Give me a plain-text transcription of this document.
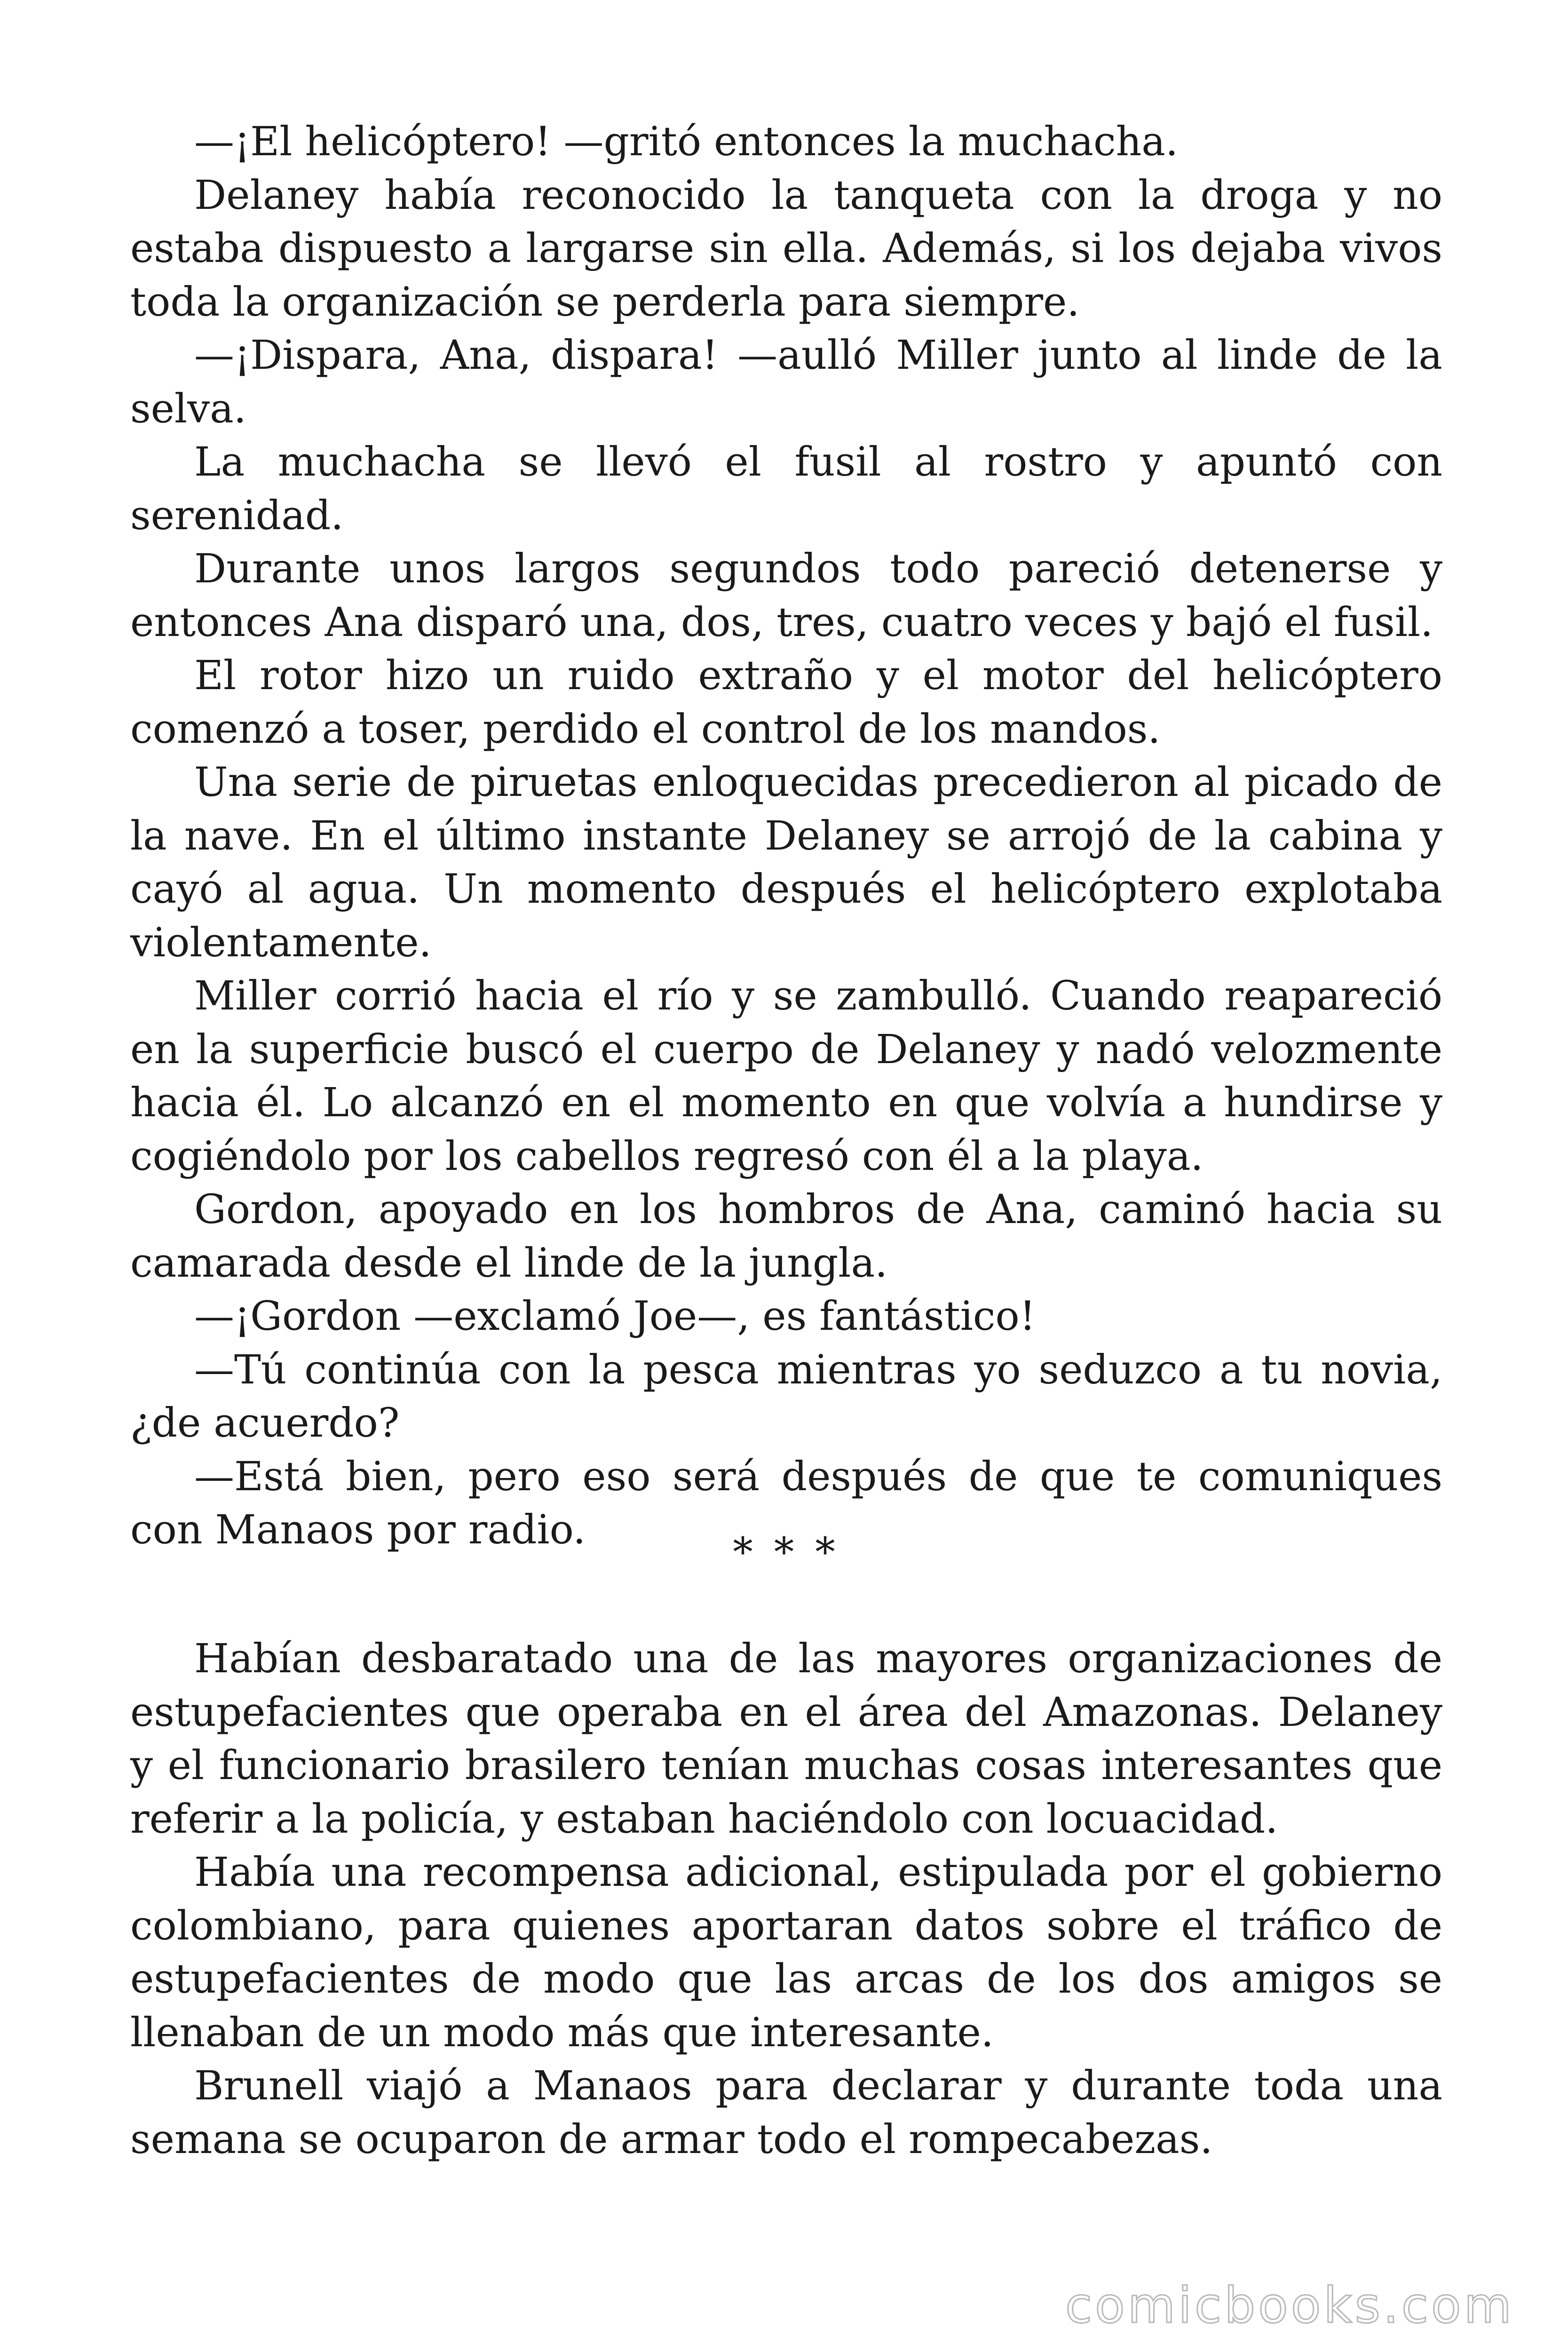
—¡El helicóptero! —gritó entonces la muchacha.

Delaney había reconocido la tanqueta con la droga y no estaba dispuesto a largarse sin ella. Además, si los dejaba vivos toda la organización se perderla para siempre.

—¡Dispara, Ana, dispara! —aulló Miller junto al linde de la selva.

La muchacha se llevó el fusil al rostro y apuntó con serenidad.

Durante unos largos segundos todo pareció detenerse y entonces Ana disparó una, dos, tres, cuatro veces y bajó el fusil.

El rotor hizo un ruido extraño y el motor del helicóptero comenzó a toser, perdido el control de los mandos.

Una serie de piruetas enloquecidas precedieron al picado de la nave. En el último instante Delaney se arrojó de la cabina y cayó al agua. Un momento después el helicóptero explotaba violentamente.

Miller corrió hacia el río y se zambulló. Cuando reapareció en la superficie buscó el cuerpo de Delaney y nadó velozmente hacia él. Lo alcanzó en el momento en que volvía a hundirse y cogiéndolo por los cabellos regresó con él a la playa.

Gordon, apoyado en los hombros de Ana, caminó hacia su camarada desde el linde de la jungla.

—¡Gordon —exclamó Joe—, es fantástico!

—Tú continúa con la pesca mientras yo seduzco a tu novia, ¿de acuerdo?

—Está bien, pero eso será después de que te comuniques con Manaos por radio.	* * *

Habían desbaratado una de las mayores organizaciones de estupefacientes que operaba en el área del Amazonas. Delaney y el funcionario brasilero tenían muchas cosas interesantes que referir a la policía, y estaban haciéndolo con locuacidad.

Había una recompensa adicional, estipulada por el gobierno colombiano, para quienes aportaran datos sobre el tráfico de estupefacientes de modo que las arcas de los dos amigos se llenaban de un modo más que interesante.

Brunell viajó a Manaos para declarar y durante toda una semana se ocuparon de armar todo el rompecabezas.

comicbooks.com
